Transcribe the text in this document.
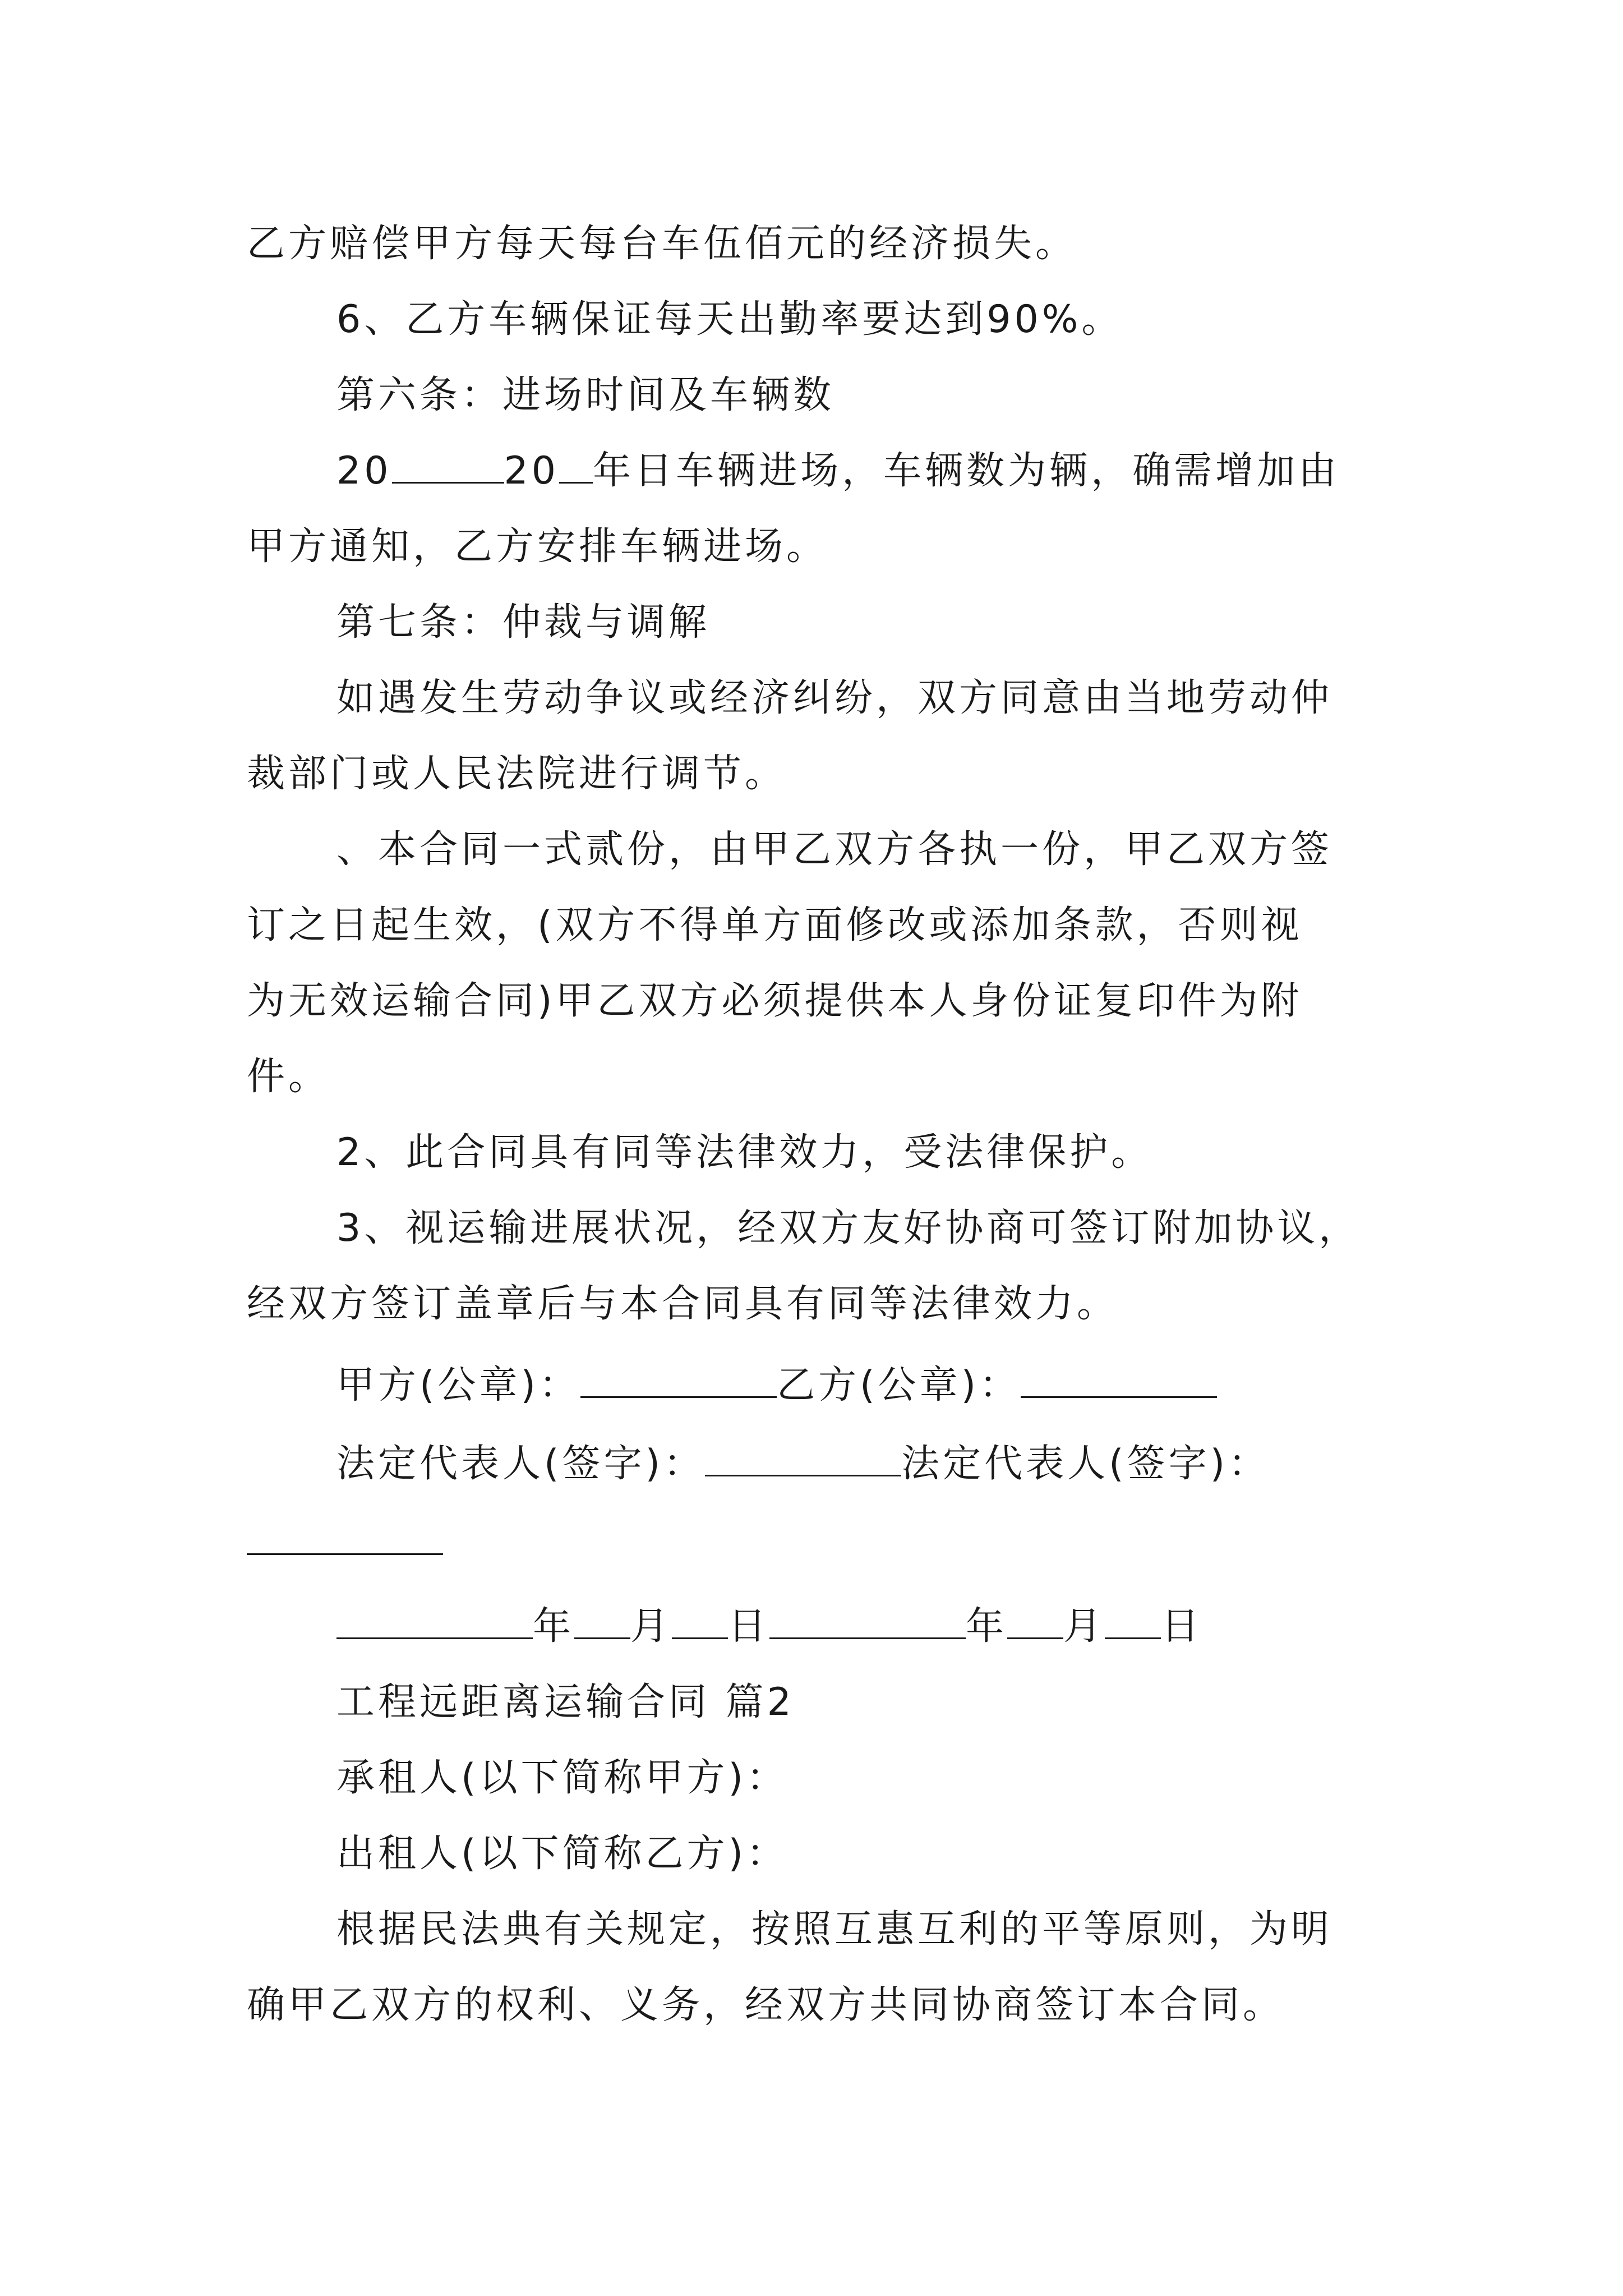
乙方赔偿甲方每天每台车伍佰元的经济损失。
6、乙方车辆保证每天出勤率要达到90%。
第六条：进场时间及车辆数
20	20 年日车辆进场，车辆数为辆，确需增加由
甲方通知，乙方安排车辆进场。
第七条：仲裁与调解
如遇发生劳动争议或经济纠纷，双方同意由当地劳动仲
裁部门或人民法院进行调节。
、本合同一式贰份，由甲乙双方各执一份，甲乙双方签
订之日起生效，(双方不得单方面修改或添加条款，否则视
为无效运输合同)甲乙双方必须提供本人身份证复印件为附
件。
2、此合同具有同等法律效力，受法律保护。
3、视运输进展状况，经双方友好协商可签订附加协议，
经双方签订盖章后与本合同具有同等法律效力。
甲方(公章)：	乙方(公章)：
法定代表人(签字)：	法定代表人(签字)：
年 月 日	年 月 日
工程远距离运输合同 篇2
承租人(以下简称甲方)：
出租人(以下简称乙方)：
根据民法典有关规定，按照互惠互利的平等原则，为明
确甲乙双方的权利、义务，经双方共同协商签订本合同。
